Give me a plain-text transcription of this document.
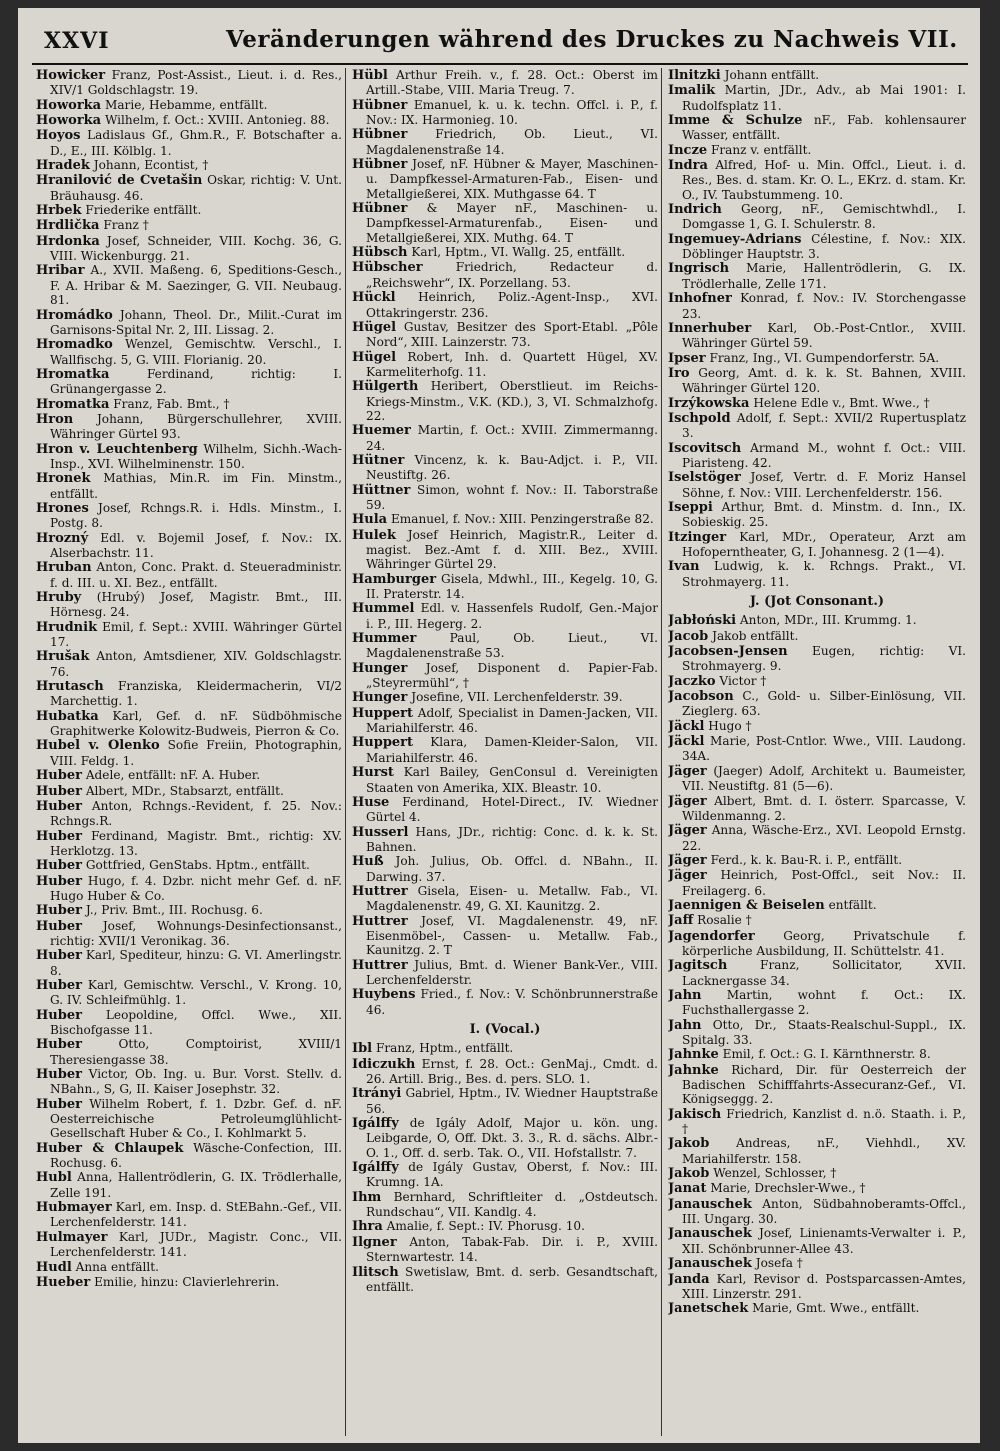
XXVI	Veränderungen während des Druckes zu Nachweis VII.
Howicker Franz, Post-Assist., Lieut. i. d. Res., XIV/1 Goldschlagstr. 19.
Howorka Marie, Hebamme, entfällt.
Howorka Wilhelm, f. Oct.: XVIII. Antonieg. 88.
Hoyos Ladislaus Gf., Ghm.R., F. Botschafter a. D., E., III. Kölblg. 1.
Hradek Johann, Econtist, †
Hranilović de Cvetašin Oskar, richtig: V. Unt. Bräuhausg. 46.
Hrbek Friederike entfällt.
Hrdlička Franz †
Hrdonka Josef, Schneider, VIII. Kochg. 36, G. VIII. Wickenburgg. 21.
Hribar A., XVII. Maßeng. 6, Speditions-Gesch., F. A. Hribar & M. Saezinger, G. VII. Neubaug. 81.
Hromádko Johann, Theol. Dr., Milit.-Curat im Garnisons-Spital Nr. 2, III. Lissag. 2.
Hromadko Wenzel, Gemischtw. Verschl., I. Wallfischg. 5, G. VIII. Florianig. 20.
Hromatka	Ferdinand, richtig: I. Grünangergasse 2.
Hromatka Franz, Fab. Bmt., †
Hron Johann, Bürgerschullehrer, XVIII. Währinger Gürtel 93.
Hron v. Leuchtenberg Wilhelm, Sichh.-Wach-Insp., XVI. Wilhelminenstr. 150.
Hronek Mathias, Min.R. im Fin. Minstm., entfällt.
Hrones Josef, Rchngs.R. i. Hdls. Minstm., I. Postg. 8.
Hrozný Edl. v. Bojemil Josef, f. Nov.: IX. Alserbachstr. 11.
Hruban Anton, Conc. Prakt. d. Steueradministr. f. d. III. u. XI. Bez., entfällt.
Hruby (Hrubý) Josef, Magistr. Bmt., III. Hörnesg. 24.
Hrudnik Emil, f. Sept.: XVIII. Währinger Gürtel 17.
Hrušak Anton, Amtsdiener, XIV. Goldschlagstr. 76.
Hrutasch Franziska, Kleidermacherin, VI/2 Marchettig. 1.
Hubatka Karl, Gef. d. nF. Südböhmische Graphitwerke Kolowitz-Budweis, Pierron & Co.
Hubel v. Olenko Sofie Freiin, Photographin, VIII. Feldg. 1.
Huber Adele, entfällt: nF. A. Huber.
Huber Albert, MDr., Stabsarzt, entfällt.
Huber Anton, Rchngs.-Revident, f. 25. Nov.: Rchngs.R.
Huber Ferdinand, Magistr. Bmt., richtig: XV. Herklotzg. 13.
Huber Gottfried, GenStabs. Hptm., entfällt.
Huber Hugo, f. 4. Dzbr. nicht mehr Gef. d. nF. Hugo Huber & Co.
Huber J., Priv. Bmt., III. Rochusg. 6.
Huber Josef, Wohnungs-Desinfectionsanst., richtig: XVII/1 Veronikag. 36.
Huber Karl, Spediteur, hinzu: G. VI. Amerlingstr. 8.
Huber Karl, Gemischtw. Verschl., V. Krong. 10, G. IV. Schleifmühlg. 1.
Huber Leopoldine, Offcl. Wwe., XII. Bischofgasse 11.
Huber	Otto, Comptoirist, XVIII/1 Theresiengasse 38.
Huber Victor, Ob. Ing. u. Bur. Vorst. Stellv. d. NBahn., S, G, II. Kaiser Josephstr. 32.
Huber Wilhelm Robert, f. 1. Dzbr. Gef. d. nF. Oesterreichische Petroleumglühlicht-Gesellschaft Huber & Co., I. Kohlmarkt 5.
Huber & Chlaupek Wäsche-Confection, III. Rochusg. 6.
Hubl Anna, Hallentrödlerin, G. IX. Trödlerhalle, Zelle 191.
Hubmayer Karl, em. Insp. d. StEBahn.-Gef., VII. Lerchenfelderstr. 141.
Hulmayer Karl, JUDr., Magistr. Conc., VII. Lerchenfelderstr. 141.
Hudl Anna entfällt.
Hueber Emilie, hinzu: Clavierlehrerin.
Hübl Arthur Freih. v., f. 28. Oct.: Oberst im Artill.-Stabe, VIII. Maria Treug. 7.
Hübner Emanuel, k. u. k. techn. Offcl. i. P., f. Nov.: IX. Harmonieg. 10.
Hübner Friedrich, Ob. Lieut., VI. Magdalenenstraße 14.
Hübner Josef, nF. Hübner & Mayer, Maschinen- u. Dampfkessel-Armaturen-Fab., Eisen- und Metallgießerei, XIX. Muthgasse 64. T
Hübner & Mayer nF., Maschinen- u. Dampfkessel-Armaturenfab., Eisen- und Metallgießerei, XIX. Muthg. 64. T
Hübsch Karl, Hptm., VI. Wallg. 25, entfällt.
Hübscher	Friedrich, Redacteur d. „Reichswehr“, IX. Porzellang. 53.
Hückl Heinrich, Poliz.-Agent-Insp., XVI. Ottakringerstr. 236.
Hügel Gustav, Besitzer des Sport-Etabl. „Pôle Nord“, XIII. Lainzerstr. 73.
Hügel Robert, Inh. d. Quartett Hügel, XV. Karmeliterhofg. 11.
Hülgerth Heribert, Oberstlieut. im Reichs-Kriegs-Minstm., V.K. (KD.), 3, VI. Schmalzhofg. 22.
Huemer Martin, f. Oct.: XVIII. Zimmermanng. 24.
Hütner Vincenz, k. k. Bau-Adjct. i. P., VII. Neustiftg. 26.
Hüttner Simon, wohnt f. Nov.: II. Taborstraße 59.
Hula Emanuel, f. Nov.: XIII. Penzingerstraße 82.
Hulek Josef Heinrich, Magistr.R., Leiter d. magist. Bez.-Amt f. d. XIII. Bez., XVIII. Währinger Gürtel 29.
Hamburger Gisela, Mdwhl., III., Kegelg. 10, G. II. Praterstr. 14.
Hummel Edl. v. Hassenfels Rudolf, Gen.-Major i. P., III. Hegerg. 2.
Hummer	Paul, Ob. Lieut., VI. Magdalenenstraße 53.
Hunger Josef, Disponent d. Papier-Fab. „Steyrermühl“, †
Hunger Josefine, VII. Lerchenfelderstr. 39.
Huppert Adolf, Specialist in Damen-Jacken, VII. Mariahilferstr. 46.
Huppert Klara, Damen-Kleider-Salon, VII. Mariahilferstr. 46.
Hurst Karl Bailey, GenConsul d. Vereinigten Staaten von Amerika, XIX. Bleastr. 10.
Huse Ferdinand, Hotel-Direct., IV. Wiedner Gürtel 4.
Husserl Hans, JDr., richtig: Conc. d. k. k. St. Bahnen.
Huß Joh. Julius, Ob. Offcl. d. NBahn., II. Darwing. 37.
Huttrer Gisela, Eisen- u. Metallw. Fab., VI. Magdalenenstr. 49, G. XI. Kaunitzg. 2.
Huttrer Josef, VI. Magdalenenstr. 49, nF. Eisenmöbel-, Cassen- u. Metallw. Fab., Kaunitzg. 2. T
Huttrer Julius, Bmt. d. Wiener Bank-Ver., VIII. Lerchenfelderstr.
Huybens Fried., f. Nov.: V. Schönbrunnerstraße 46.
I. (Vocal.)
Ibl Franz, Hptm., entfällt.
Idiczukh Ernst, f. 28. Oct.: GenMaj., Cmdt. d. 26. Artill. Brig., Bes. d. pers. SLO. 1.
Itrányi Gabriel, Hptm., IV. Wiedner Hauptstraße 56.
Igálffy de Igály Adolf, Major u. kön. ung. Leibgarde, O, Off. Dkt. 3. 3., R. d. sächs. Albr.-O. 1., Off. d. serb. Tak. O., VII. Hofstallstr. 7.
Igálffy de Igály Gustav, Oberst, f. Nov.: III. Krumng. 1A.
Ihm Bernhard, Schriftleiter d. „Ostdeutsch. Rundschau“, VII. Kandlg. 4.
Ihra Amalie, f. Sept.: IV. Phorusg. 10.
Ilgner Anton, Tabak-Fab. Dir. i. P., XVIII. Sternwartestr. 14.
Ilitsch Swetislaw, Bmt. d. serb. Gesandtschaft, entfällt.
Ilnitzki Johann entfällt.
Imalik Martin, JDr., Adv., ab Mai 1901: I. Rudolfsplatz 11.
Imme & Schulze nF., Fab. kohlensaurer Wasser, entfällt.
Incze Franz v. entfällt.
Indra Alfred, Hof- u. Min. Offcl., Lieut. i. d. Res., Bes. d. stam. Kr. O. L., EKrz. d. stam. Kr. O., IV. Taubstummeng. 10.
Indrich Georg, nF., Gemischtwhdl., I. Domgasse 1, G. I. Schulerstr. 8.
Ingemuey-Adrians Célestine, f. Nov.: XIX. Döblinger Hauptstr. 3.
Ingrisch Marie, Hallentrödlerin, G. IX. Trödlerhalle, Zelle 171.
Inhofner Konrad, f. Nov.: IV. Storchengasse 23.
Innerhuber Karl, Ob.-Post-Cntlor., XVIII. Währinger Gürtel 59.
Ipser Franz, Ing., VI. Gumpendorferstr. 5A.
Iro Georg, Amt. d. k. k. St. Bahnen, XVIII. Währinger Gürtel 120.
Irzýkowska Helene Edle v., Bmt. Wwe., †
Ischpold Adolf, f. Sept.: XVII/2 Rupertusplatz 3.
Iscovitsch Armand M., wohnt f. Oct.: VIII. Piaristeng. 42.
Iselstöger Josef, Vertr. d. F. Moriz Hansel Söhne, f. Nov.: VIII. Lerchenfelderstr. 156.
Iseppi Arthur, Bmt. d. Minstm. d. Inn., IX. Sobieskig. 25.
Itzinger Karl, MDr., Operateur, Arzt am Hofoperntheater, G, I. Johannesg. 2 (1—4).
Ivan Ludwig, k. k. Rchngs. Prakt., VI. Strohmayerg. 11.
J. (Jot Consonant.)
Jabłoński Anton, MDr., III. Krummg. 1.
Jacob Jakob entfällt.
Jacobsen-Jensen Eugen, richtig: VI. Strohmayerg. 9.
Jaczko Victor †
Jacobson C., Gold- u. Silber-Einlösung, VII. Zieglerg. 63.
Jäckl Hugo †
Jäckl Marie, Post-Cntlor. Wwe., VIII. Laudong. 34A.
Jäger (Jaeger) Adolf, Architekt u. Baumeister, VII. Neustiftg. 81 (5—6).
Jäger Albert, Bmt. d. I. österr. Sparcasse, V. Wildenmanng. 2.
Jäger Anna, Wäsche-Erz., XVI. Leopold Ernstg. 22.
Jäger Ferd., k. k. Bau-R. i. P., entfällt.
Jäger Heinrich, Post-Offcl., seit Nov.: II. Freilagerg. 6.
Jaennigen & Beiselen entfällt.
Jaff Rosalie †
Jagendorfer Georg, Privatschule f. körperliche Ausbildung, II. Schüttelstr. 41.
Jagitsch	Franz, Sollicitator, XVII. Lacknergasse 34.
Jahn Martin, wohnt f. Oct.: IX. Fuchsthallergasse 2.
Jahn Otto, Dr., Staats-Realschul-Suppl., IX. Spitalg. 33.
Jahnke Emil, f. Oct.: G. I. Kärnthnerstr. 8.
Jahnke Richard, Dir. für Oesterreich der Badischen Schifffahrts-Assecuranz-Gef., VI. Königseggg. 2.
Jakisch Friedrich, Kanzlist d. n.ö. Staath. i. P., †
Jakob Andreas, nF., Viehhdl., XV. Mariahilferstr. 158.
Jakob Wenzel, Schlosser, †
Janat Marie, Drechsler-Wwe., †
Janauschek Anton, Südbahnoberamts-Offcl., III. Ungarg. 30.
Janauschek Josef, Linienamts-Verwalter i. P., XII. Schönbrunner-Allee 43.
Janauschek Josefa †
Janda Karl, Revisor d. Postsparcassen-Amtes, XIII. Linzerstr. 291.
Janetschek Marie, Gmt. Wwe., entfällt.
